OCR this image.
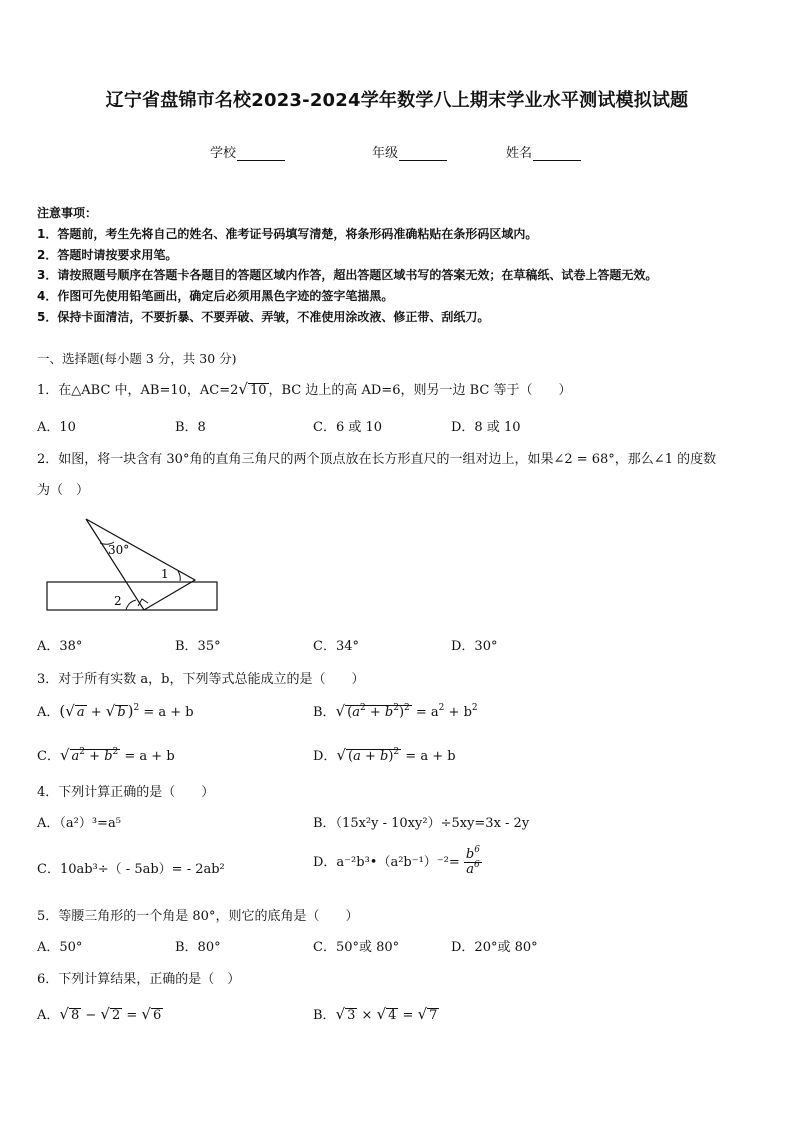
辽宁省盘锦市名校2023-2024学年数学八上期末学业水平测试模拟试题
学校	年级	姓名
注意事项：
1．答题前，考生先将自己的姓名、准考证号码填写清楚，将条形码准确粘贴在条形码区域内。
2．答题时请按要求用笔。
3．请按照题号顺序在答题卡各题目的答题区域内作答，超出答题区域书写的答案无效；在草稿纸、试卷上答题无效。
4．作图可先使用铅笔画出，确定后必须用黑色字迹的签字笔描黑。
5．保持卡面清洁，不要折暴、不要弄破、弄皱，不准使用涂改液、修正带、刮纸刀。
一、选择题(每小题 3 分，共 30 分)
1．在△ABC 中，AB=10，AC=2√ 10 ，BC 边上的高 AD=6，则另一边 BC 等于（　　）
A．10	B．8	C．6 或 10	D．8 或 10
2．如图，将一块含有 30°角的直角三角尺的两个顶点放在长方形直尺的一组对边上，如果∠2 = 68°，那么∠1 的度数
为（　）
30°
1
2
A．38°	B．35°	C．34°	D．30°
3．对于所有实数 a，b，下列等式总能成立的是（　　）
A．(√ a + √ b )$^2$ = a + b	B．√ $(a^2 + b^2)^2 = a^2 + b^2$
C．√ $a^2 + b^2 = a + b$	D．√ $(a + b)^2 = a + b$
4．下列计算正确的是（　　）
A．（a²）³=a⁵	B．（15x²y - 10xy²）÷5xy=3x - 2y
C．10ab³÷（ - 5ab）= - 2ab²	D．a⁻²b³•（a²b⁻¹）⁻²= $\frac{b^6}{a^6}$
5．等腰三角形的一个角是 80°，则它的底角是（　　）
A．50°	B．80°	C．50°或 80°	D．20°或 80°
6．下列计算结果，正确的是（　）
A．√ 8 − √ 2 = √ 6	B．√ 3 × √ 4 = √ 7
